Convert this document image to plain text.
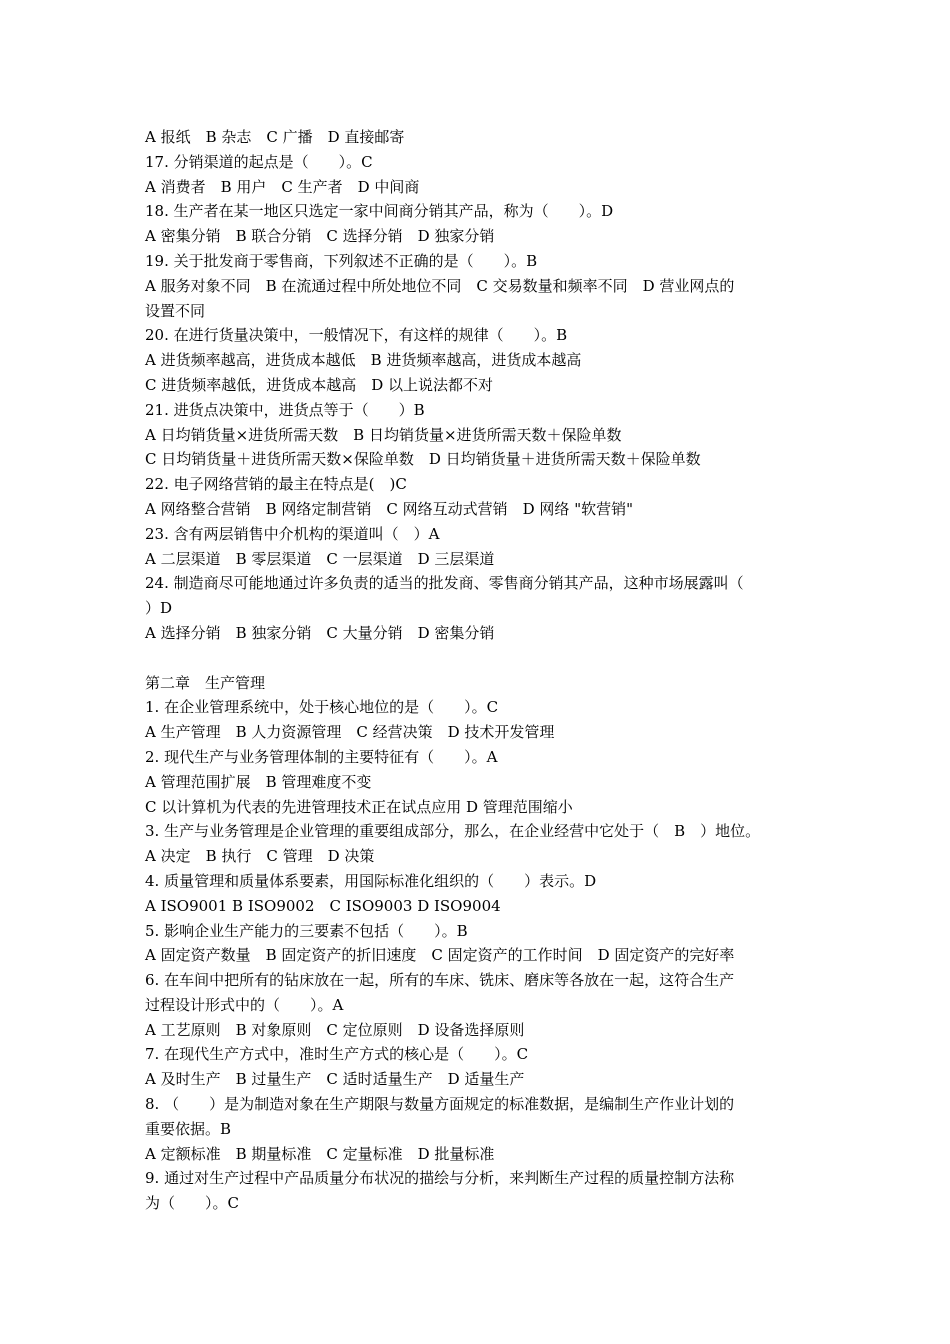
A 报纸　B 杂志　C 广播　D 直接邮寄
17. 分销渠道的起点是（　　）。C
A 消费者　B 用户　C 生产者　D 中间商
18. 生产者在某一地区只选定一家中间商分销其产品，称为（　　）。D
A 密集分销　B 联合分销　C 选择分销　D 独家分销
19. 关于批发商于零售商，下列叙述不正确的是（　　）。B
A 服务对象不同　B 在流通过程中所处地位不同　C 交易数量和频率不同　D 营业网点的
设置不同
20. 在进行货量决策中，一般情况下，有这样的规律（　　）。B
A 进货频率越高，进货成本越低　B 进货频率越高，进货成本越高
C 进货频率越低，进货成本越高　D 以上说法都不对
21. 进货点决策中，进货点等于（　　）B
A 日均销货量×进货所需天数　B 日均销货量×进货所需天数＋保险单数
C 日均销货量＋进货所需天数×保险单数　D 日均销货量＋进货所需天数＋保险单数
22. 电子网络营销的最主在特点是(　)C
A 网络整合营销　B 网络定制营销　C 网络互动式营销　D 网络 "软营销"
23. 含有两层销售中介机构的渠道叫（　）A
A 二层渠道　B 零层渠道　C 一层渠道　D 三层渠道
24. 制造商尽可能地通过许多负责的适当的批发商、零售商分销其产品，这种市场展露叫（
）D
A 选择分销　B 独家分销　C 大量分销　D 密集分销
第二章　生产管理
1. 在企业管理系统中，处于核心地位的是（　　）。C
A 生产管理　B 人力资源管理　C 经营决策　D 技术开发管理
2. 现代生产与业务管理体制的主要特征有（　　）。A
A 管理范围扩展　B 管理难度不变
C 以计算机为代表的先进管理技术正在试点应用 D 管理范围缩小
3. 生产与业务管理是企业管理的重要组成部分，那么，在企业经营中它处于（　B　）地位。
A 决定　B 执行　C 管理　D 决策
4. 质量管理和质量体系要素，用国际标准化组织的（　　）表示。D
A ISO9001 B ISO9002　C ISO9003 D ISO9004
5. 影响企业生产能力的三要素不包括（　　）。B
A 固定资产数量　B 固定资产的折旧速度　C 固定资产的工作时间　D 固定资产的完好率
6. 在车间中把所有的钻床放在一起，所有的车床、铣床、磨床等各放在一起，这符合生产
过程设计形式中的（　　）。A
A 工艺原则　B 对象原则　C 定位原则　D 设备选择原则
7. 在现代生产方式中，准时生产方式的核心是（　　）。C
A 及时生产　B 过量生产　C 适时适量生产　D 适量生产
8. （　　）是为制造对象在生产期限与数量方面规定的标准数据，是编制生产作业计划的
重要依据。B
A 定额标准　B 期量标准　C 定量标准　D 批量标准
9. 通过对生产过程中产品质量分布状况的描绘与分析，来判断生产过程的质量控制方法称
为（　　）。C
